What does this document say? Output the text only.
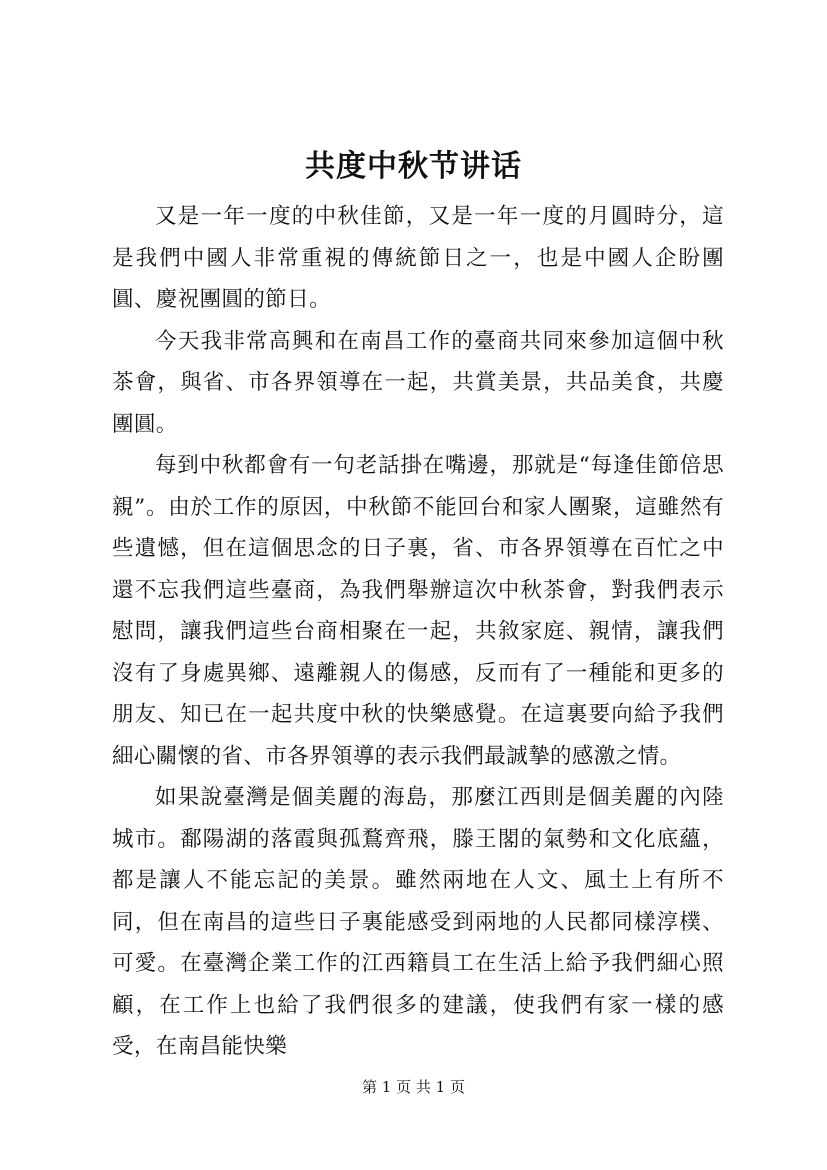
共度中秋节讲话

又是一年一度的中秋佳節，又是一年一度的月圓時分，這是我們中國人非常重視的傳統節日之一，也是中國人企盼團圓、慶祝團圓的節日。

今天我非常高興和在南昌工作的臺商共同來參加這個中秋茶會，與省、市各界領導在一起，共賞美景，共品美食，共慶團圓。

每到中秋都會有一句老話掛在嘴邊，那就是“每逢佳節倍思親”。由於工作的原因，中秋節不能回台和家人團聚，這雖然有些遺憾，但在這個思念的日子裏，省、市各界領導在百忙之中還不忘我們這些臺商，為我們舉辦這次中秋茶會，對我們表示慰問，讓我們這些台商相聚在一起，共敘家庭、親情，讓我們沒有了身處異鄉、遠離親人的傷感，反而有了一種能和更多的朋友、知已在一起共度中秋的快樂感覺。在這裏要向給予我們細心關懷的省、市各界領導的表示我們最誠摯的感激之情。

如果說臺灣是個美麗的海島，那麼江西則是個美麗的內陸城市。鄱陽湖的落霞與孤鶩齊飛，滕王閣的氣勢和文化底蘊，都是讓人不能忘記的美景。雖然兩地在人文、風土上有所不同，但在南昌的這些日子裏能感受到兩地的人民都同樣淳樸、可愛。在臺灣企業工作的江西籍員工在生活上給予我們細心照顧，在工作上也給了我們很多的建議，使我們有家一樣的感受，在南昌能快樂

第 1 页 共 1 页
